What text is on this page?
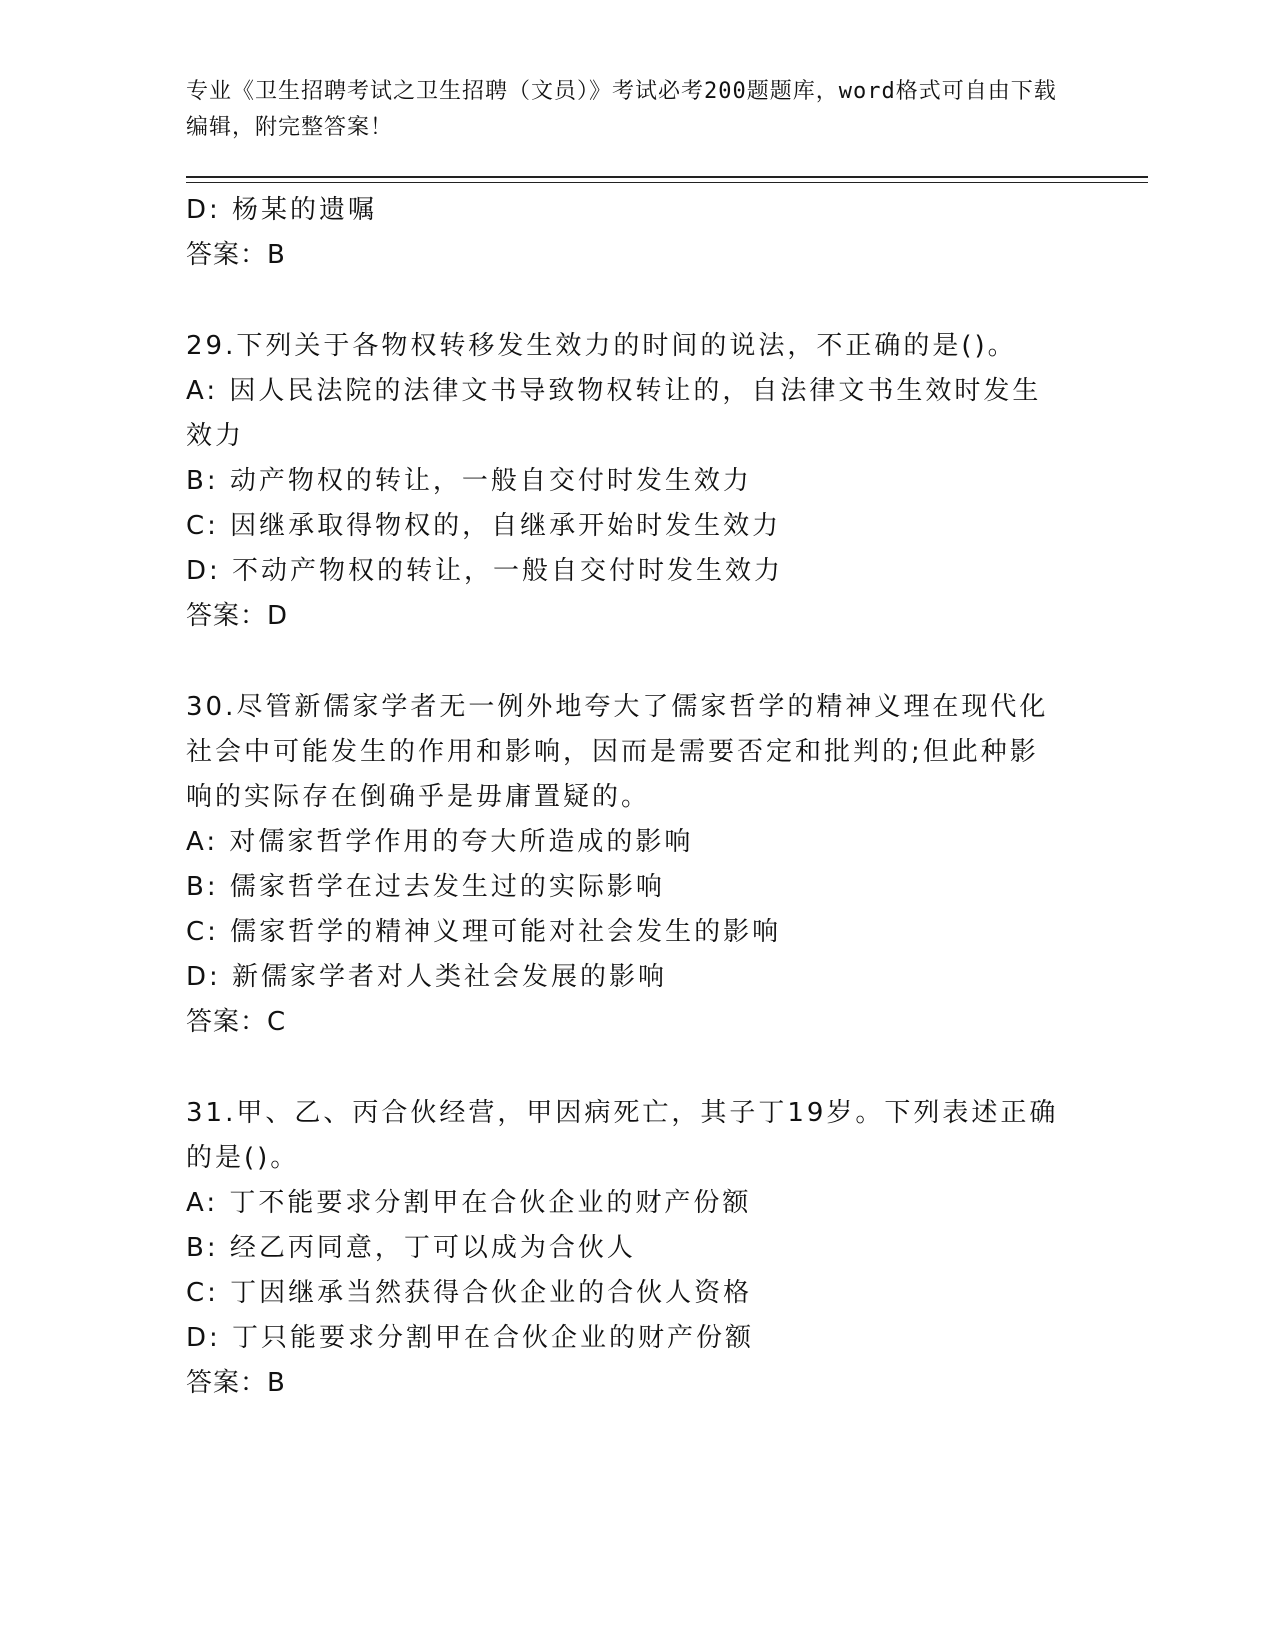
专业《卫生招聘考试之卫生招聘（文员）》考试必考200题题库，word格式可自由下载编辑，附完整答案！
D: 杨某的遗嘱
答案：B
29.下列关于各物权转移发生效力的时间的说法，不正确的是()。
A: 因人民法院的法律文书导致物权转让的，自法律文书生效时发生效力
B: 动产物权的转让，一般自交付时发生效力
C: 因继承取得物权的，自继承开始时发生效力
D: 不动产物权的转让，一般自交付时发生效力
答案：D
30.尽管新儒家学者无一例外地夸大了儒家哲学的精神义理在现代化社会中可能发生的作用和影响，因而是需要否定和批判的;但此种影响的实际存在倒确乎是毋庸置疑的。
A: 对儒家哲学作用的夸大所造成的影响
B: 儒家哲学在过去发生过的实际影响
C: 儒家哲学的精神义理可能对社会发生的影响
D: 新儒家学者对人类社会发展的影响
答案：C
31.甲、乙、丙合伙经营，甲因病死亡，其子丁19岁。下列表述正确的是()。
A: 丁不能要求分割甲在合伙企业的财产份额
B: 经乙丙同意，丁可以成为合伙人
C: 丁因继承当然获得合伙企业的合伙人资格
D: 丁只能要求分割甲在合伙企业的财产份额
答案：B
